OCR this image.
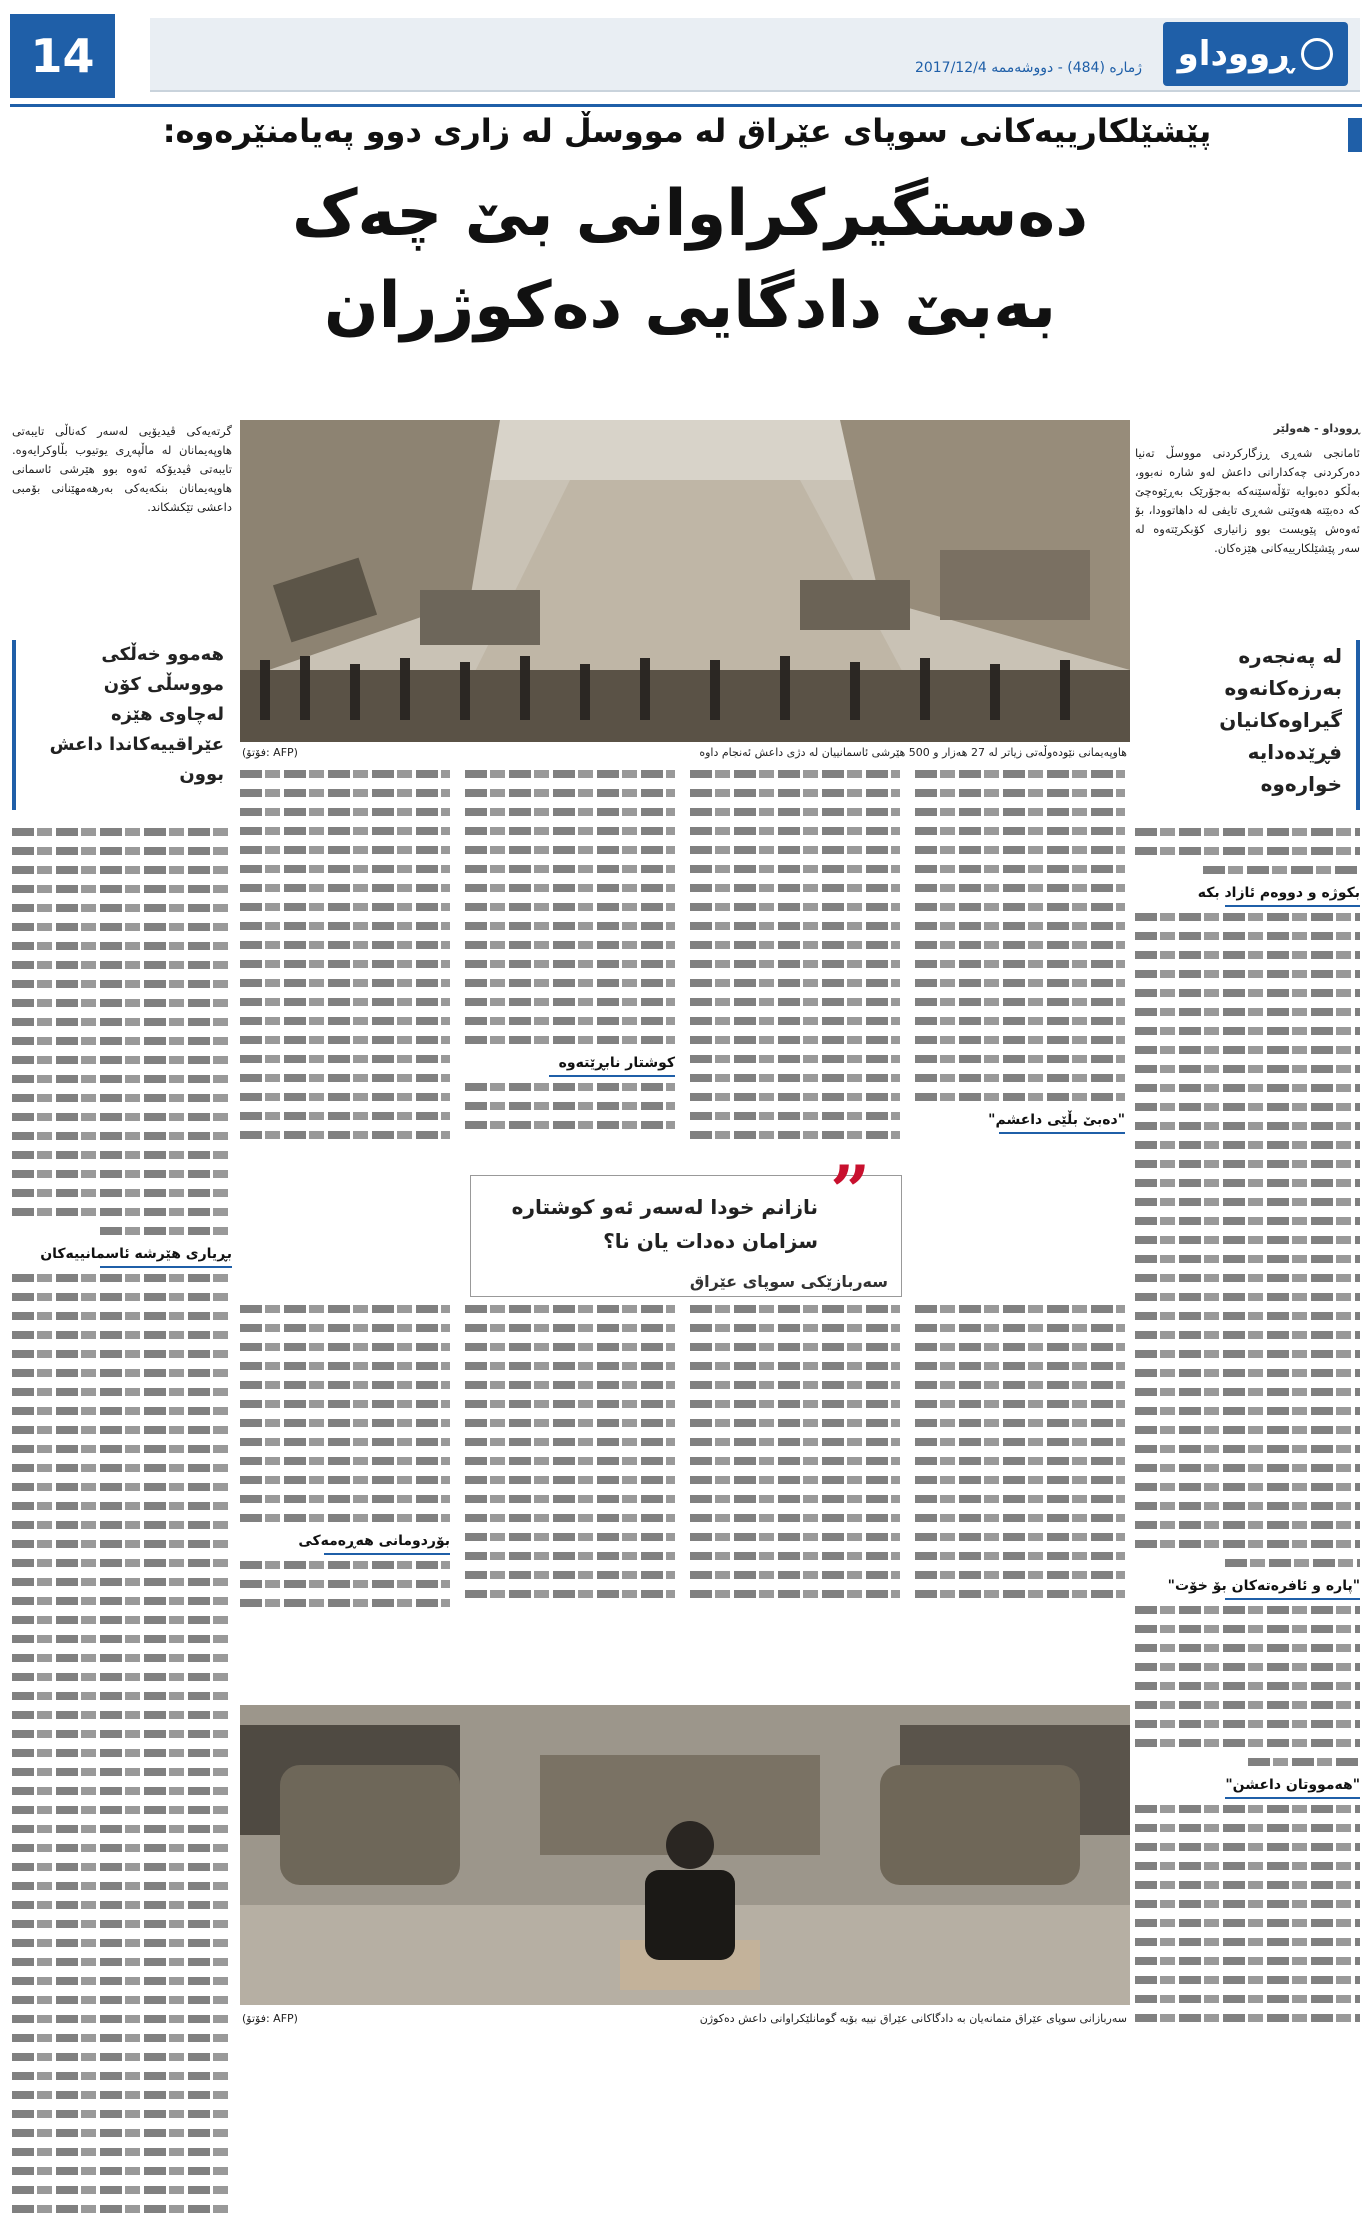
14	ڕووداو
ژمارە (484) - دووشەممە 2017/12/4
پێشێلکارییەکانی سوپای عێراق لە مووسڵ لە زاری دوو پەیامنێرەوە:
دەستگیرکراوانی بێ چەک
بەبێ دادگایی دەکوژران
ڕووداو - هەولێر

ئامانجی شەڕی ڕزگارکردنی مووسڵ تەنیا دەرکردنی چەکدارانی داعش لەو شارە نەبوو، بەڵکو دەبوایە تۆڵەسێنەکە بەجۆرێک بەڕێوەچێ کە دەبێتە هەوێنی شەڕی تایفی لە داهاتوودا، بۆ ئەوەش پێویست بوو زانیاری کۆبکرێتەوە لە سەر پێشێلکارییەکانی هێزەکان.

لە پەنجەرە
بەرزەکانەوە
گیراوەکانیان
فڕێدەدایە
خوارەوە
بکوژە و دووەم ئازاد بکە
"پارە و ئافرەتەکان بۆ خۆت"
"هەمووتان داعشن"
هاوپەیمانی نێودەوڵەتی زیاتر لە 27 هەزار و 500 هێرشی ئاسمانییان لە دژی داعش ئەنجام داوە
(فۆتۆ: AFP)

گرتەیەکی ڤیدیۆیی لەسەر کەناڵی تایبەتی هاوپەیمانان لە ماڵپەڕی یوتیوب بڵاوکرایەوە. تایبەتی ڤیدیۆکە ئەوە بوو هێرشی ئاسمانی هاوپەیمانان بنکەیەکی بەرهەمهێنانی بۆمبی داعشی تێکشکاند.

هەموو خەڵکی
مووسڵی کۆن
لەچاوی هێزە
عێراقییەکاندا داعش
بوون
بڕیاری هێرشە ئاسمانییەکان
کوشتار نابڕێتەوە
"دەبێ بڵێی داعشم"
”
نازانم خودا لەسەر ئەو کوشتارە
سزامان دەدات یان نا؟
سەربازێکی سوپای عێراق
بۆردومانی هەڕەمەکی
سەربازانی سوپای عێراق متمانەیان بە دادگاکانی عێراق نییە بۆیە گومانلێکراوانی داعش دەکوژن
(فۆتۆ: AFP)
